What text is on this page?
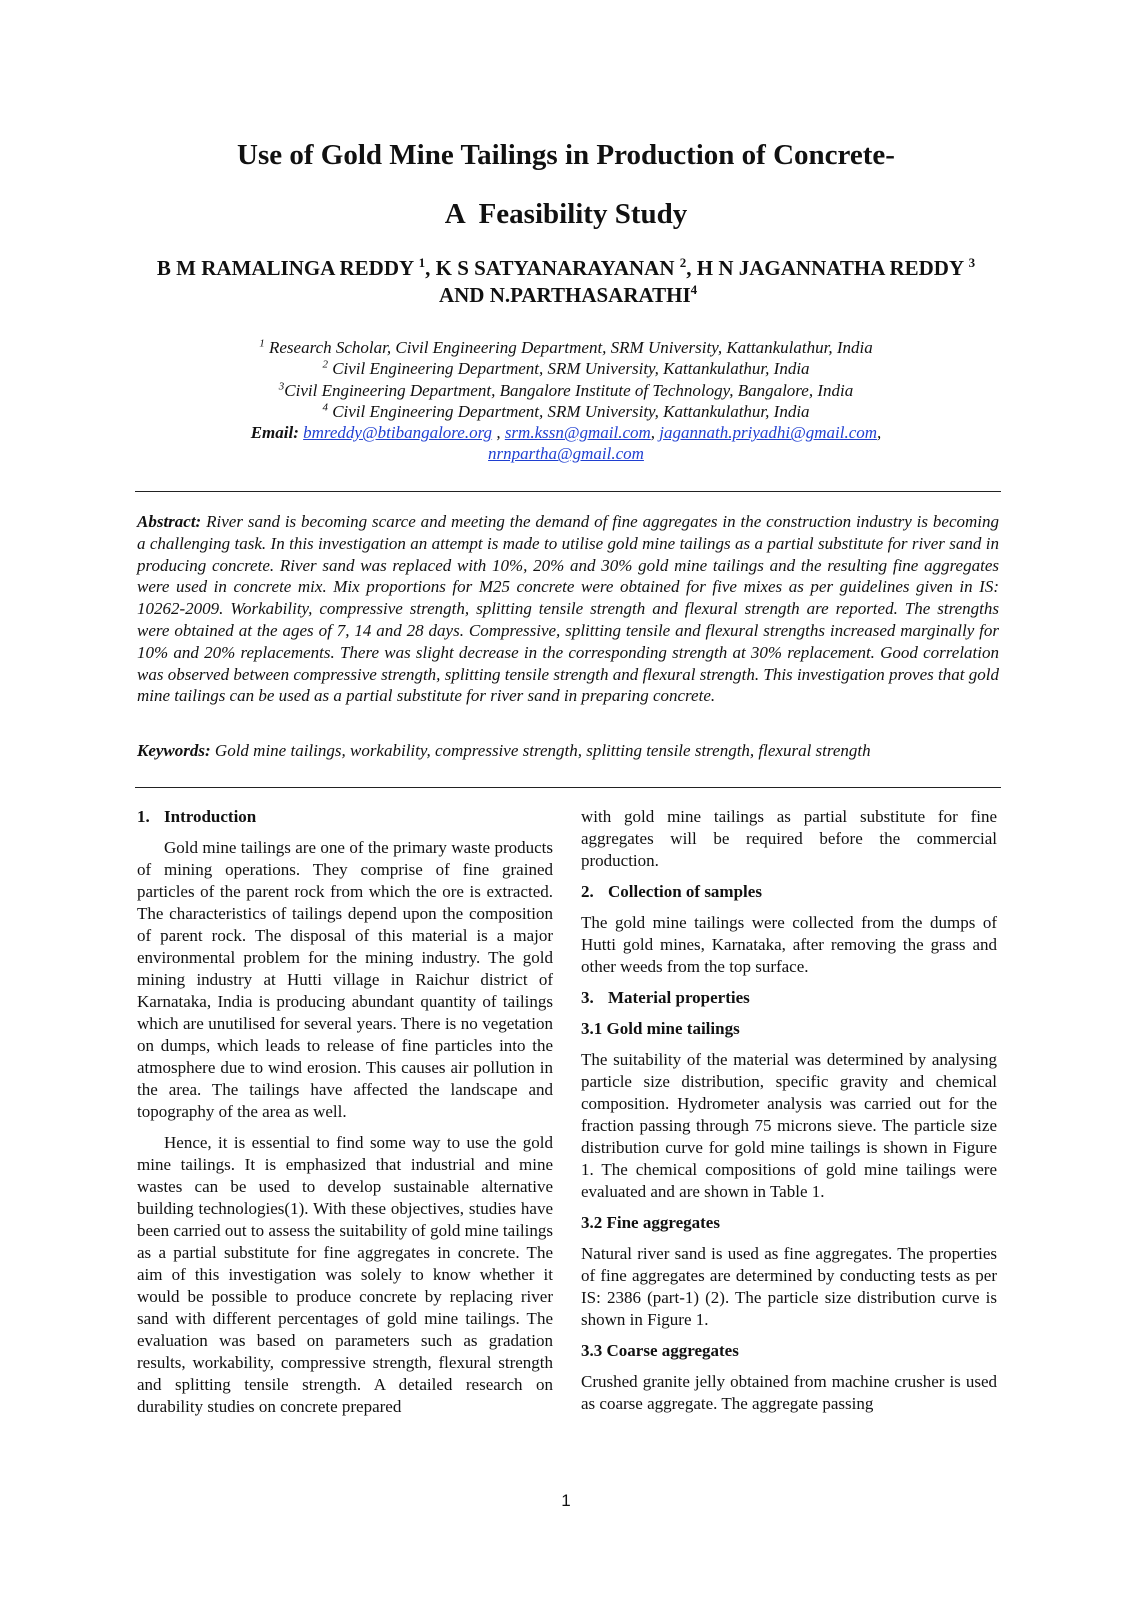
Use of Gold Mine Tailings in Production of Concrete-
A  Feasibility Study
B M RAMALINGA REDDY $^1$, K S SATYANARAYANAN $^2$, H N JAGANNATHA REDDY $^3$ AND N.PARTHASARATHI$^4$
$^1$ Research Scholar, Civil Engineering Department, SRM University, Kattankulathur, India
$^2$ Civil Engineering Department, SRM University, Kattankulathur, India
$^3$Civil Engineering Department, Bangalore Institute of Technology, Bangalore, India
$^4$ Civil Engineering Department, SRM University, Kattankulathur, India
Email: bmreddy@btibangalore.org , srm.kssn@gmail.com, jagannath.priyadhi@gmail.com,
nrnpartha@gmail.com
Abstract: River sand is becoming scarce and meeting the demand of fine aggregates in the construction industry is becoming a challenging task. In this investigation an attempt is made to utilise gold mine tailings as a partial substitute for river sand in producing concrete. River sand was replaced with 10%, 20% and 30% gold mine tailings and the resulting fine aggregates were used in concrete mix. Mix proportions for M25 concrete were obtained for five mixes as per guidelines given in IS: 10262-2009. Workability, compressive strength, splitting tensile strength and flexural strength are reported. The strengths were obtained at the ages of 7, 14 and 28 days. Compressive, splitting tensile and flexural strengths increased marginally for 10% and 20% replacements. There was slight decrease in the corresponding strength at 30% replacement. Good correlation was observed between compressive strength, splitting tensile strength and flexural strength. This investigation proves that gold mine tailings can be used as a partial substitute for river sand in preparing concrete.
Keywords: Gold mine tailings, workability, compressive strength, splitting tensile strength, flexural strength
1. Introduction

Gold mine tailings are one of the primary waste products of mining operations. They comprise of fine grained particles of the parent rock from which the ore is extracted. The characteristics of tailings depend upon the composition of parent rock. The disposal of this material is a major environmental problem for the mining industry. The gold mining industry at Hutti village in Raichur district of Karnataka, India is producing abundant quantity of tailings which are unutilised for several years. There is no vegetation on dumps, which leads to release of fine particles into the atmosphere due to wind erosion. This causes air pollution in the area. The tailings have affected the landscape and topography of the area as well.

Hence, it is essential to find some way to use the gold mine tailings. It is emphasized that industrial and mine wastes can be used to develop sustainable alternative building technologies(1). With these objectives, studies have been carried out to assess the suitability of gold mine tailings as a partial substitute for fine aggregates in concrete. The aim of this investigation was solely to know whether it would be possible to produce concrete by replacing river sand with different percentages of gold mine tailings. The evaluation was based on parameters such as gradation results, workability, compressive strength, flexural strength and splitting tensile strength. A detailed research on durability studies on concrete prepared

with gold mine tailings as partial substitute for fine aggregates will be required before the commercial production.

2. Collection of samples

The gold mine tailings were collected from the dumps of Hutti gold mines, Karnataka, after removing the grass and other weeds from the top surface.

3. Material properties
3.1 Gold mine tailings

The suitability of the material was determined by analysing particle size distribution, specific gravity and chemical composition. Hydrometer analysis was carried out for the fraction passing through 75 microns sieve. The particle size distribution curve for gold mine tailings is shown in Figure 1. The chemical compositions of gold mine tailings were evaluated and are shown in Table 1.

3.2 Fine aggregates

Natural river sand is used as fine aggregates. The properties of fine aggregates are determined by conducting tests as per IS: 2386 (part-1) (2). The particle size distribution curve is shown in Figure 1.

3.3 Coarse aggregates

Crushed granite jelly obtained from machine crusher is used as coarse aggregate. The aggregate passing

1
